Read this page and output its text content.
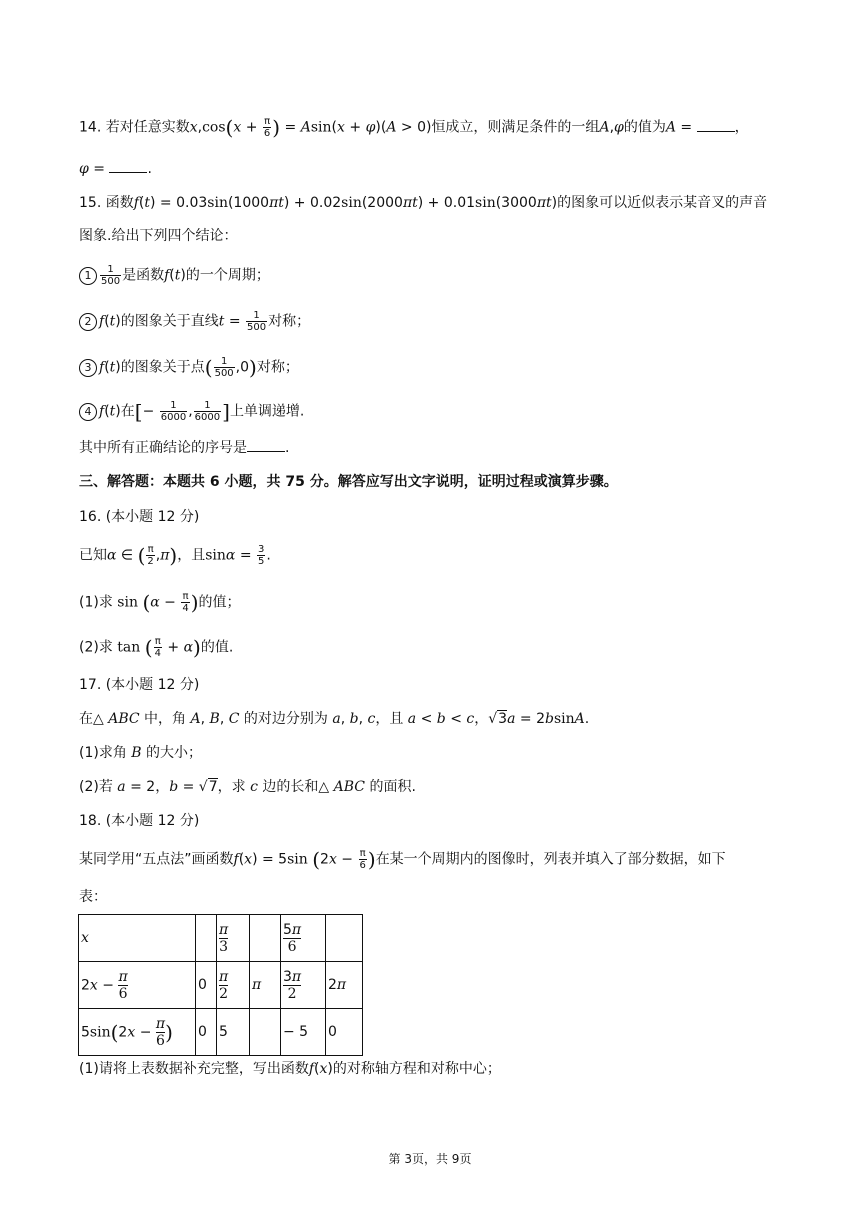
14. 若对任意实数$x,\cos(x + \frac{\pi}{6}$ ) = Asin(x + φ)(A > 0)恒成立，则满足条件的一组A,φ的值为A =	，
φ =	.
15. 函数f(t) = 0.03sin(1000πt) + 0.02sin(2000πt) + 0.01sin(3000πt)的图象可以近似表示某音叉的声音
图象.给出下列四个结论：
$1 \frac{1}{500}$ 是函数f(t)的一个周期；
2 f(t)的图象关于直线$t = \frac{1}{500}$ 对称；
3 f(t)的图象关于点( $\frac{1}{500} ,0$)对称；
4 f(t)在[− $\frac{1}{6000}$ , $\frac{1}{6000}$ ]上单调递增.
其中所有正确结论的序号是	.
三、解答题：本题共 6 小题，共 75 分。解答应写出文字说明，证明过程或演算步骤。
16. (本小题 12 分)
已知α ∈ ( $\frac{\pi}{2} ,\pi$)，且$\sin\alpha = \frac{3}{5}$ .
(1)求 $\sin (\alpha - \frac{\pi}{4}$ )的值；
(2)求 tan ( $\frac{\pi}{4} + \alpha$)的值.
17. (本小题 12 分)
在△ ABC 中，角 A, B, C 的对边分别为 a, b, c，且 a < b < c，√3a = 2bsinA.
(1)求角 B 的大小；
(2)若 a = 2，b = √7，求 c 边的长和△ ABC 的面积.
18. (本小题 12 分)
某同学用“五点法”画函数f(x) = 5sin ($2x - \frac{\pi}{6}$ )在某一个周期内的图像时，列表并填入了部分数据，如下
表：
x		$\frac{\pi}{3}$		$\frac{5\pi}{6}$

$2x - \frac{\pi}{6}$	0	$\frac{\pi}{2}$	π	$\frac{3\pi}{2}$	2π
$5\sin(2x - \frac{\pi}{6}$ )	0	5		− 5	0
(1)请将上表数据补充完整，写出函数f(x)的对称轴方程和对称中心；
第 3页，共 9页
